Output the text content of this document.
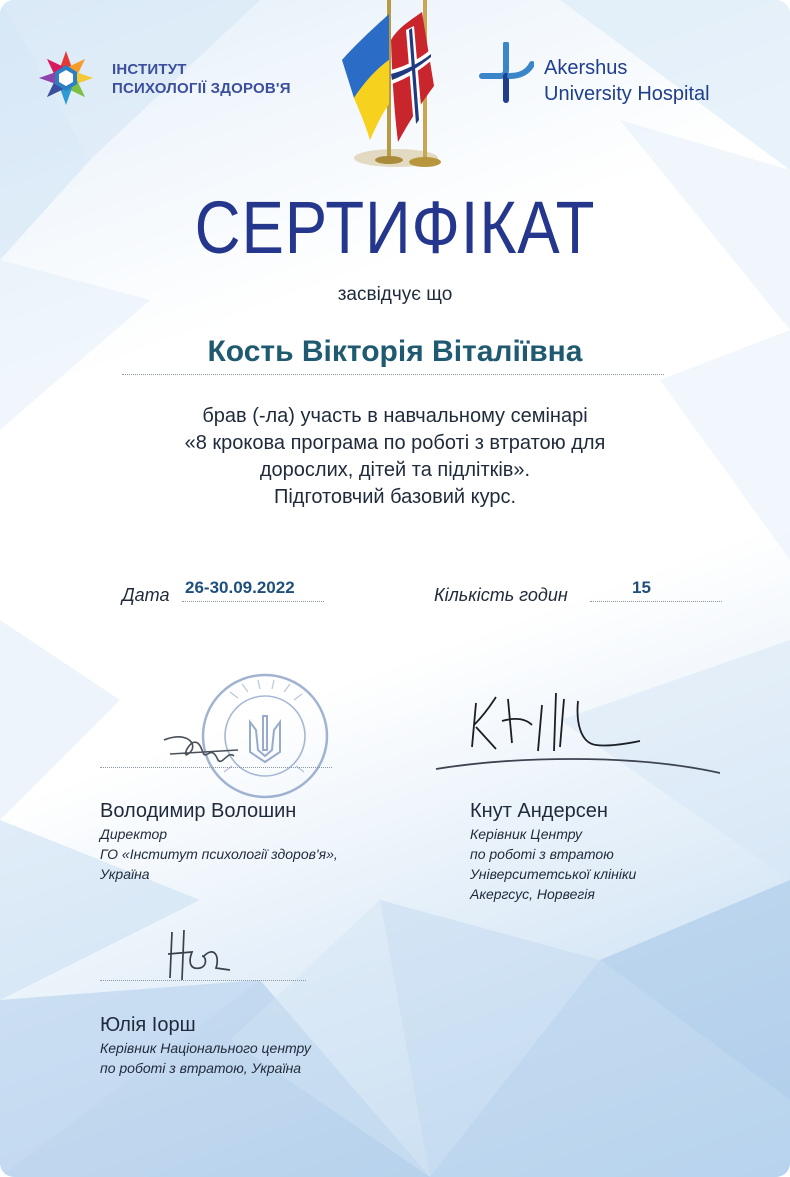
ІНСТИТУТ
ПСИХОЛОГІЇ ЗДОРОВ'Я
Akershus
University Hospital
СЕРТИФІКАТ
засвідчує що
Кость Вікторія Віталіївна
брав (-ла) участь в навчальному семінарі
«8 крокова програма по роботі з втратою для
дорослих, дітей та підлітків».
Підготовчий базовий курс.
Дата 26-30.09.2022	Кількість годин	15
Володимир Волошин
Директор
ГО «Інститут психології здоров'я»,
Україна
Кнут Андерсен
Керівник Центру
по роботі з втратою
Університетської клініки
Акергсус, Норвегія
Юлія Іорш
Керівник Національного центру
по роботі з втратою, Україна
